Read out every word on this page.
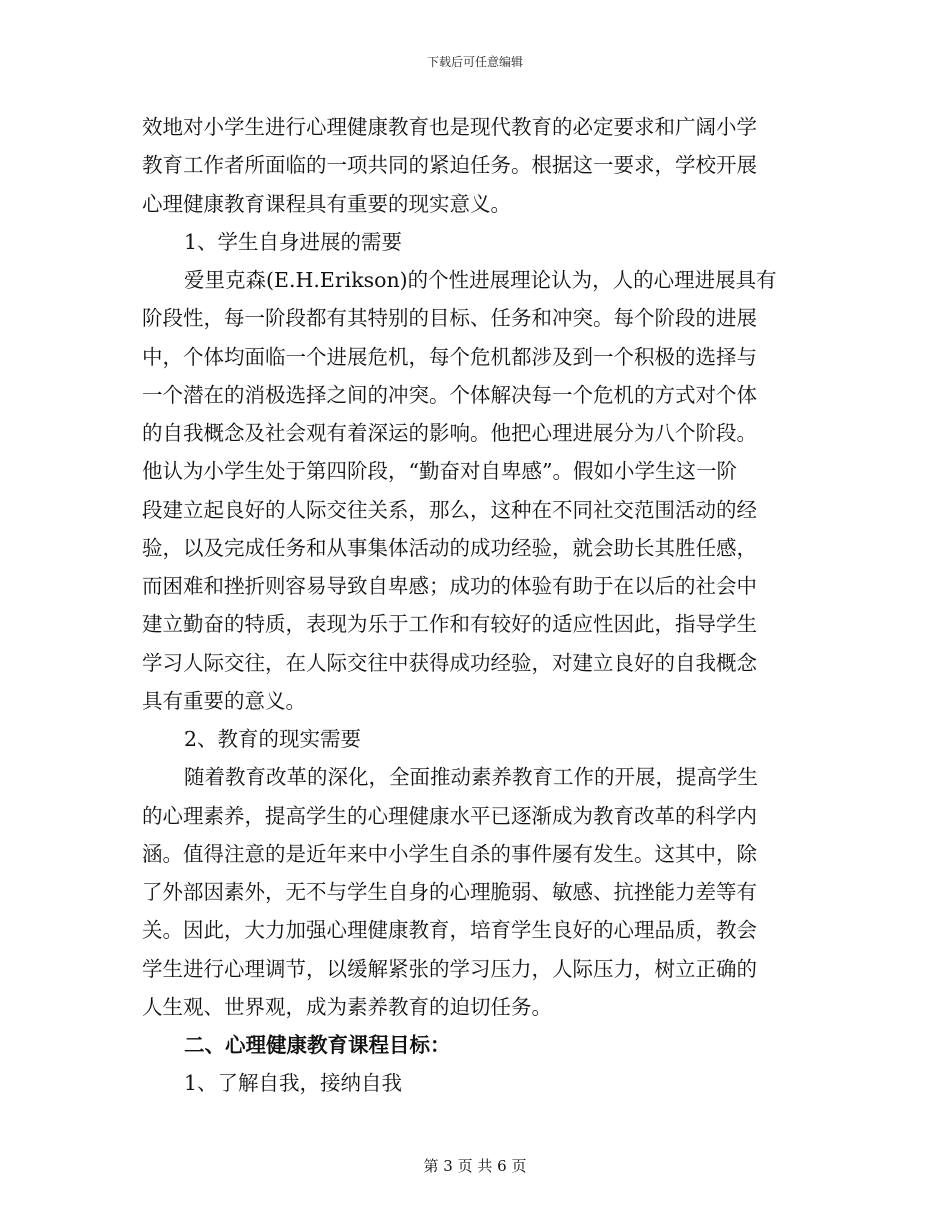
下载后可任意编辑
效地对小学生进行心理健康教育也是现代教育的必定要求和广阔小学
教育工作者所面临的一项共同的紧迫任务。根据这一要求，学校开展
心理健康教育课程具有重要的现实意义。
1、学生自身进展的需要
爱里克森(E.H.Erikson)的个性进展理论认为，人的心理进展具有
阶段性，每一阶段都有其特别的目标、任务和冲突。每个阶段的进展
中，个体均面临一个进展危机，每个危机都涉及到一个积极的选择与
一个潜在的消极选择之间的冲突。个体解决每一个危机的方式对个体
的自我概念及社会观有着深运的影响。他把心理进展分为八个阶段。
他认为小学生处于第四阶段，“勤奋对自卑感”。假如小学生这一阶
段建立起良好的人际交往关系，那么，这种在不同社交范围活动的经
验，以及完成任务和从事集体活动的成功经验，就会助长其胜任感，
而困难和挫折则容易导致自卑感；成功的体验有助于在以后的社会中
建立勤奋的特质，表现为乐于工作和有较好的适应性因此，指导学生
学习人际交往，在人际交往中获得成功经验，对建立良好的自我概念
具有重要的意义。
2、教育的现实需要
随着教育改革的深化，全面推动素养教育工作的开展，提高学生
的心理素养，提高学生的心理健康水平已逐渐成为教育改革的科学内
涵。值得注意的是近年来中小学生自杀的事件屡有发生。这其中，除
了外部因素外，无不与学生自身的心理脆弱、敏感、抗挫能力差等有
关。因此，大力加强心理健康教育，培育学生良好的心理品质，教会
学生进行心理调节，以缓解紧张的学习压力，人际压力，树立正确的
人生观、世界观，成为素养教育的迫切任务。
二、心理健康教育课程目标：
1、了解自我，接纳自我
第 3 页 共 6 页
